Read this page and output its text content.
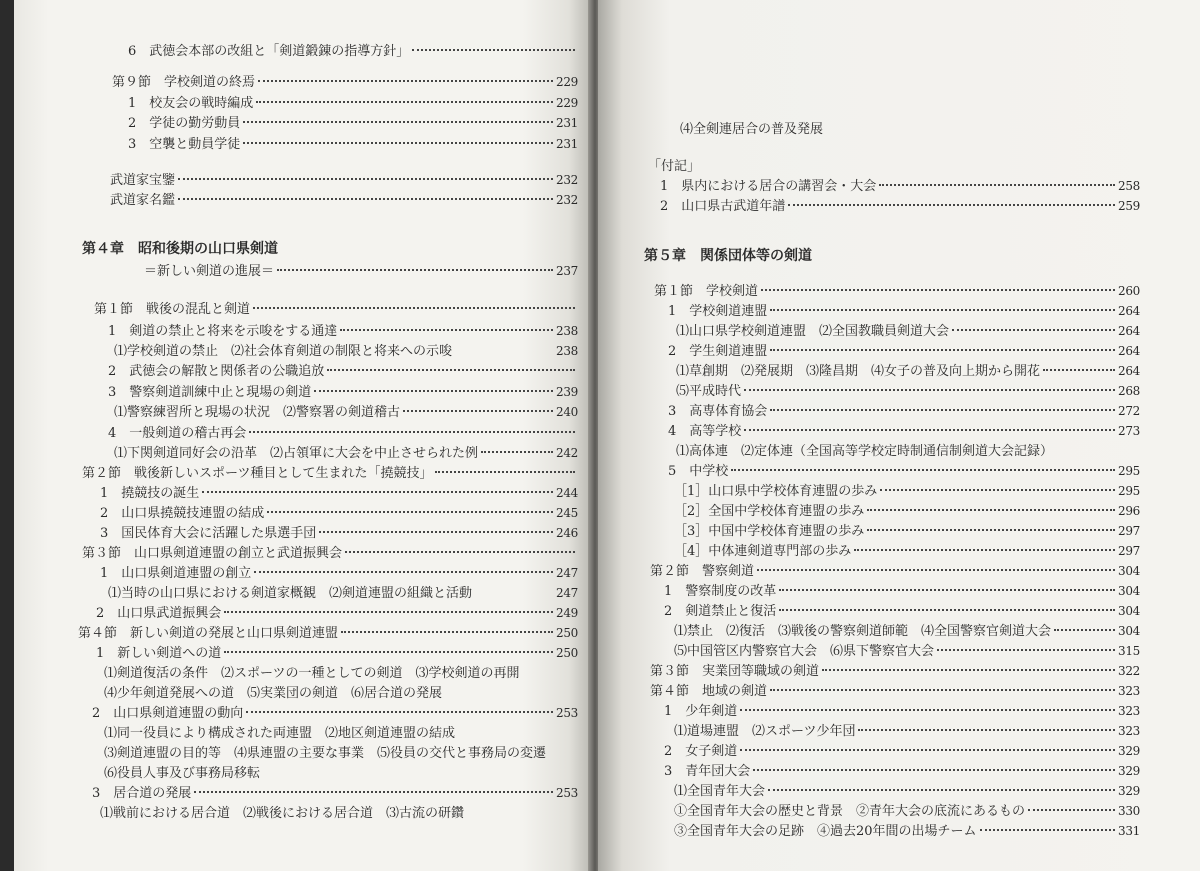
6　武徳会本部の改組と「剣道鍛錬の指導方針」
第９節　学校剣道の終焉	229
1　校友会の戦時編成	229
2　学徒の勤労動員	231
3　空襲と動員学徒	231
武道家宝鑒	232
武道家名鑑	232
第４章　昭和後期の山口県剣道
＝新しい剣道の進展＝	237
第１節　戦後の混乱と剣道
1　剣道の禁止と将来を示唆をする通達	238
⑴学校剣道の禁止　⑵社会体育剣道の制限と将来への示唆	238
2　武徳会の解散と関係者の公職追放
3　警察剣道訓練中止と現場の剣道	239
⑴警察練習所と現場の状況　⑵警察署の剣道稽古	240
4　一般剣道の稽古再会
⑴下関剣道同好会の沿革　⑵占領軍に大会を中止させられた例	242
第２節　戦後新しいスポーツ種目として生まれた「撓競技」
1　撓競技の誕生	244
2　山口県撓競技連盟の結成	245
3　国民体育大会に活躍した県選手団	246
第３節　山口県剣道連盟の創立と武道振興会
1　山口県剣道連盟の創立	247
⑴当時の山口県における剣道家概観　⑵剣道連盟の組織と活動	247
2　山口県武道振興会	249
第４節　新しい剣道の発展と山口県剣道連盟	250
1　新しい剣道への道	250
⑴剣道復活の条件　⑵スポーツの一種としての剣道　⑶学校剣道の再開
⑷少年剣道発展への道　⑸実業団の剣道　⑹居合道の発展
2　山口県剣道連盟の動向	253
⑴同一役員により構成された両連盟　⑵地区剣道連盟の結成
⑶剣道連盟の目的等　⑷県連盟の主要な事業　⑸役員の交代と事務局の変遷
⑹役員人事及び事務局移転
3　居合道の発展	253
⑴戦前における居合道　⑵戦後における居合道　⑶古流の研鑽
⑷全剣連居合の普及発展
「付記」
1　県内における居合の講習会・大会	258
2　山口県古武道年譜	259
第５章　関係団体等の剣道
第１節　学校剣道	260
1　学校剣道連盟	264
⑴山口県学校剣道連盟　⑵全国教職員剣道大会	264
2　学生剣道連盟	264
⑴草創期　⑵発展期　⑶隆昌期　⑷女子の普及向上期から開花	264
⑸平成時代	268
3　高専体育協会	272
4　高等学校	273
⑴高体連　⑵定体連（全国高等学校定時制通信制剣道大会記録）
5　中学校	295
［1］山口県中学校体育連盟の歩み	295
［2］全国中学校体育連盟の歩み	296
［3］中国中学校体育連盟の歩み	297
［4］中体連剣道専門部の歩み	297
第２節　警察剣道	304
1　警察制度の改革	304
2　剣道禁止と復活	304
⑴禁止　⑵復活　⑶戦後の警察剣道師範　⑷全国警察官剣道大会	304
⑸中国管区内警察官大会　⑹県下警察官大会	315
第３節　実業団等職域の剣道	322
第４節　地域の剣道	323
1　少年剣道	323
⑴道場連盟　⑵スポーツ少年団	323
2　女子剣道	329
3　青年団大会	329
⑴全国青年大会	329
①全国青年大会の歴史と背景　②青年大会の底流にあるもの	330
③全国青年大会の足跡　④過去20年間の出場チーム	331
